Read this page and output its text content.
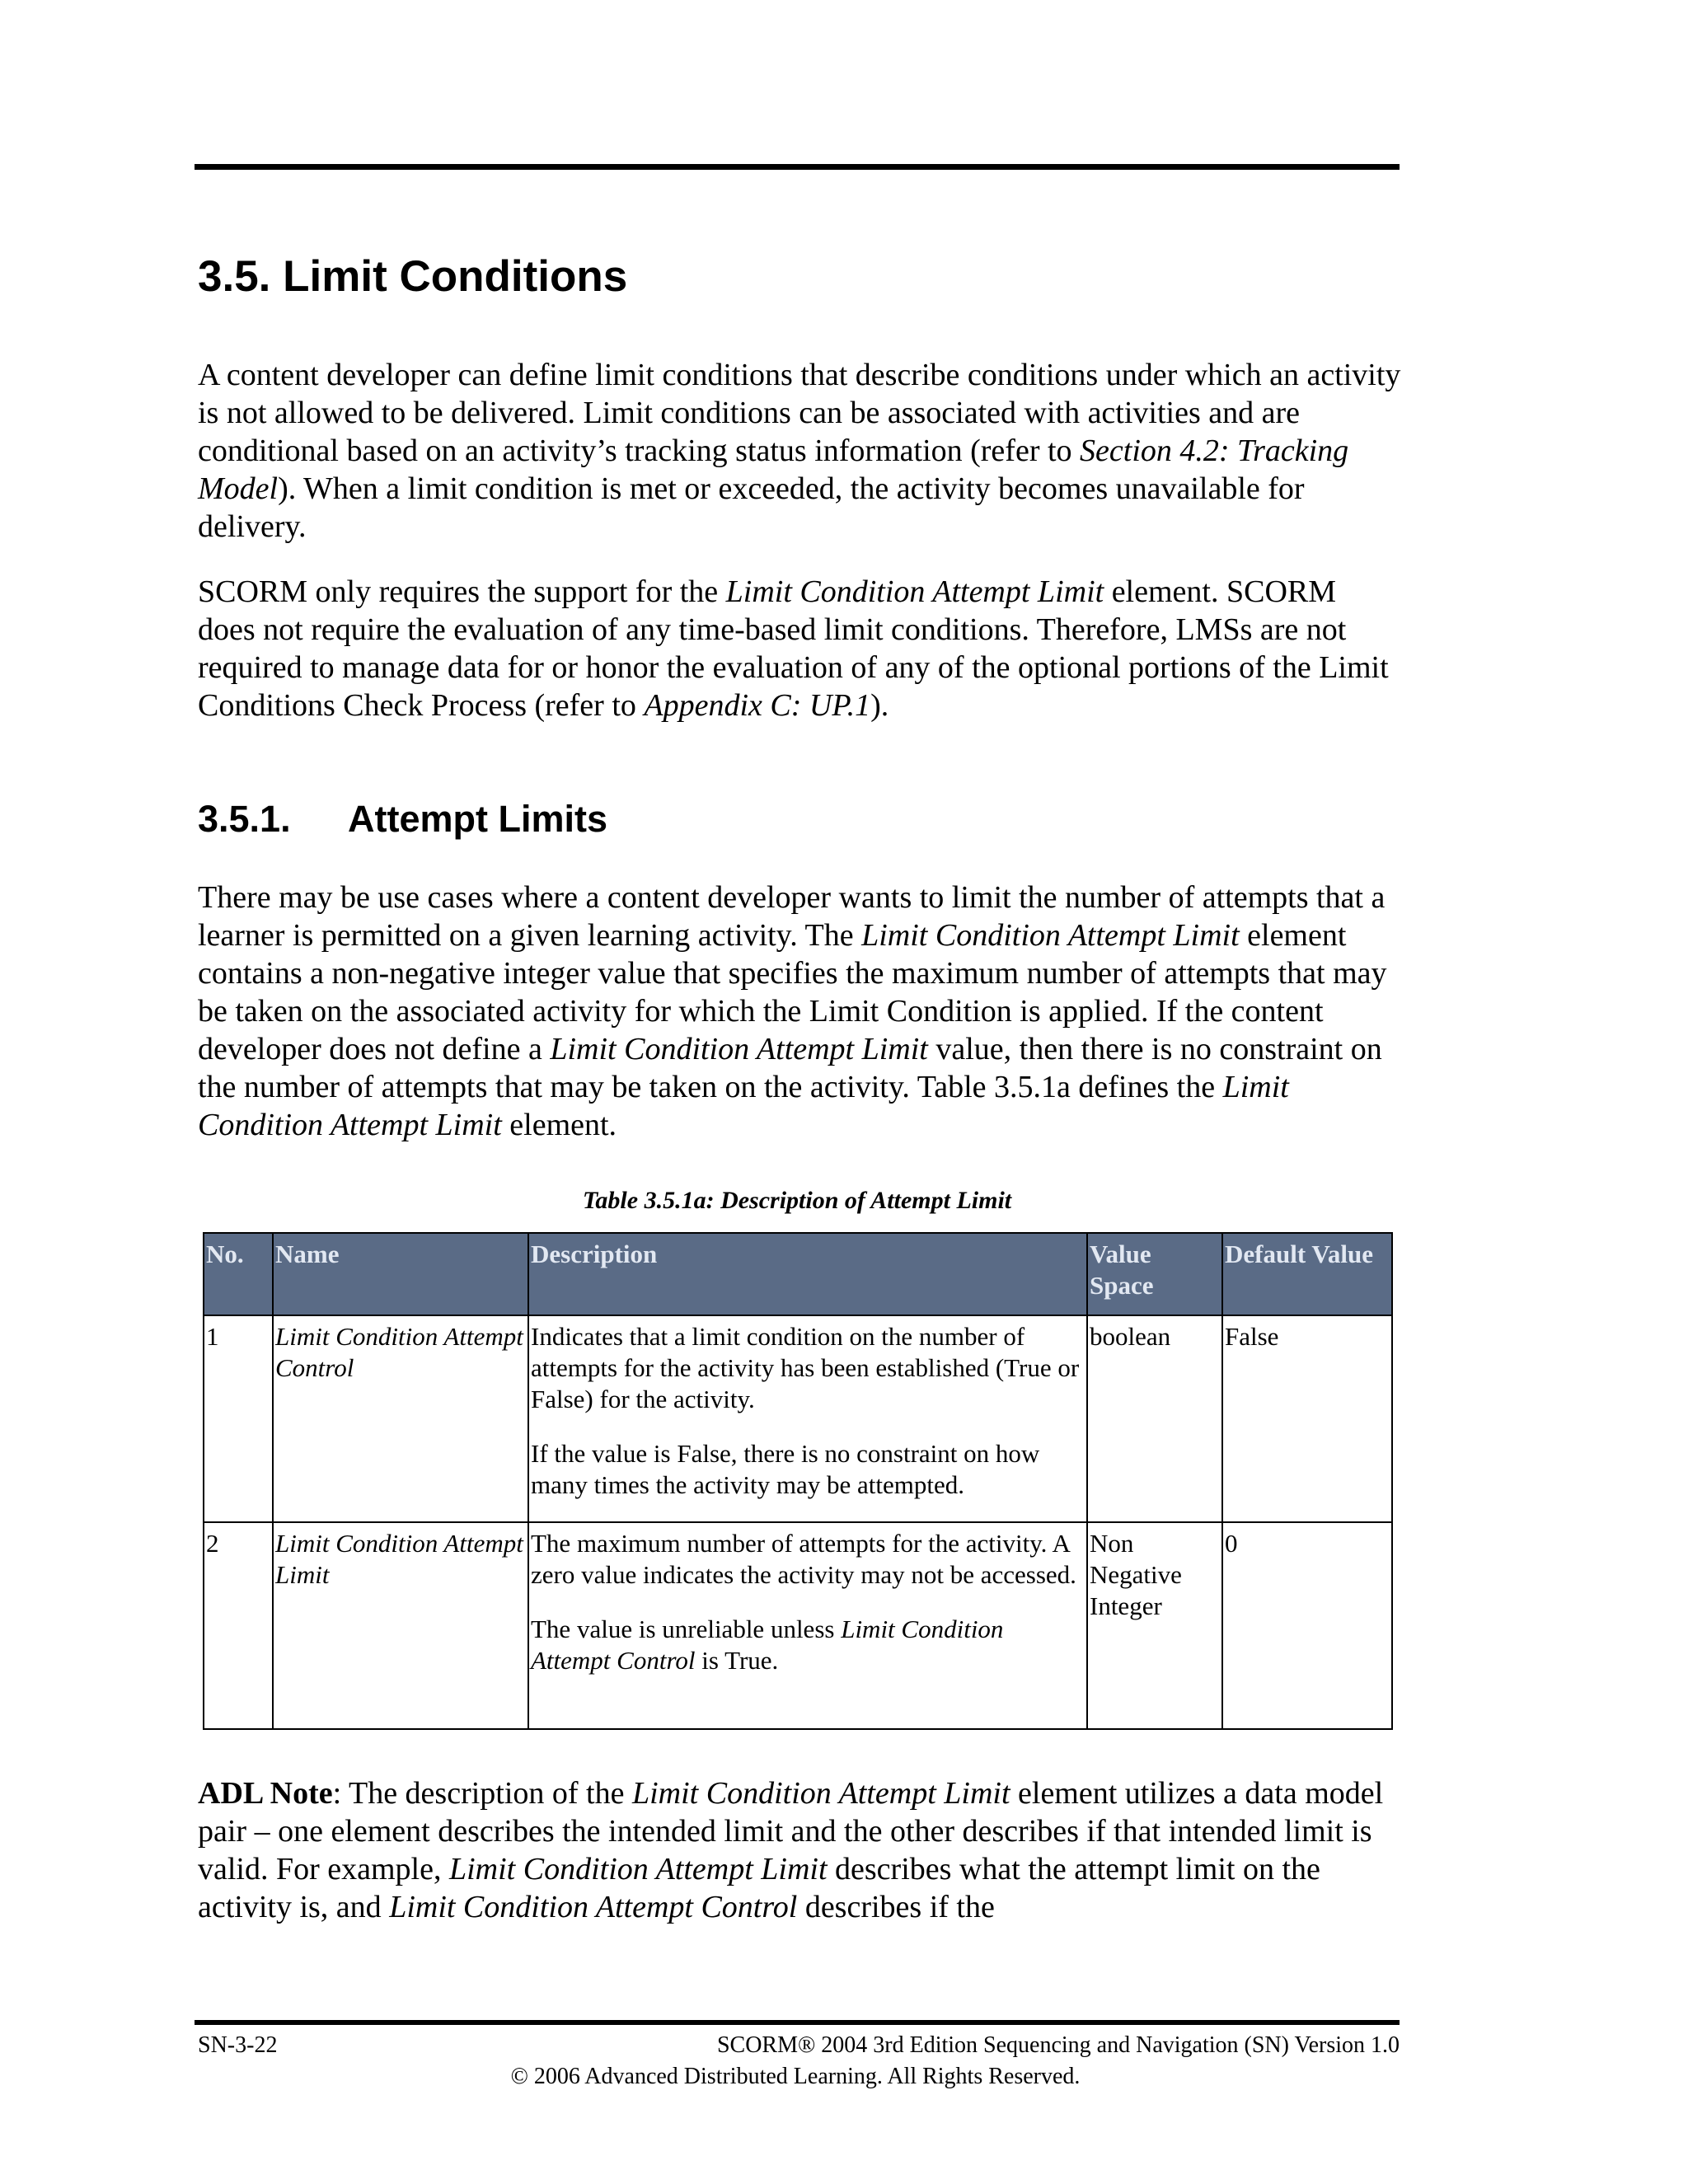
3.5. Limit Conditions

A content developer can define limit conditions that describe conditions under which an activity is not allowed to be delivered. Limit conditions can be associated with activities and are conditional based on an activity’s tracking status information (refer to Section 4.2: Tracking Model). When a limit condition is met or exceeded, the activity becomes unavailable for delivery.

SCORM only requires the support for the Limit Condition Attempt Limit element. SCORM does not require the evaluation of any time-based limit conditions. Therefore, LMSs are not required to manage data for or honor the evaluation of any of the optional portions of the Limit Conditions Check Process (refer to Appendix C: UP.1).

3.5.1. Attempt Limits

There may be use cases where a content developer wants to limit the number of attempts that a learner is permitted on a given learning activity. The Limit Condition Attempt Limit element contains a non-negative integer value that specifies the maximum number of attempts that may be taken on the associated activity for which the Limit Condition is applied. If the content developer does not define a Limit Condition Attempt Limit value, then there is no constraint on the number of attempts that may be taken on the activity. Table 3.5.1a defines the Limit Condition Attempt Limit element.

Table 3.5.1a: Description of Attempt Limit

No.	Name	Description	Value Space	Default Value
1	Limit Condition Attempt Control	Indicates that a limit condition on the number of attempts for the activity has been established (True or False) for the activity.

If the value is False, there is no constraint on how many times the activity may be attempted.	boolean	False
2	Limit Condition Attempt Limit	The maximum number of attempts for the activity. A zero value indicates the activity may not be accessed.

The value is unreliable unless Limit Condition Attempt Control is True.	Non Negative Integer	0

ADL Note: The description of the Limit Condition Attempt Limit element utilizes a data model pair – one element describes the intended limit and the other describes if that intended limit is valid. For example, Limit Condition Attempt Limit describes what the attempt limit on the activity is, and Limit Condition Attempt Control describes if the

SN-3-22	SCORM® 2004 3rd Edition Sequencing and Navigation (SN) Version 1.0
© 2006 Advanced Distributed Learning. All Rights Reserved.
